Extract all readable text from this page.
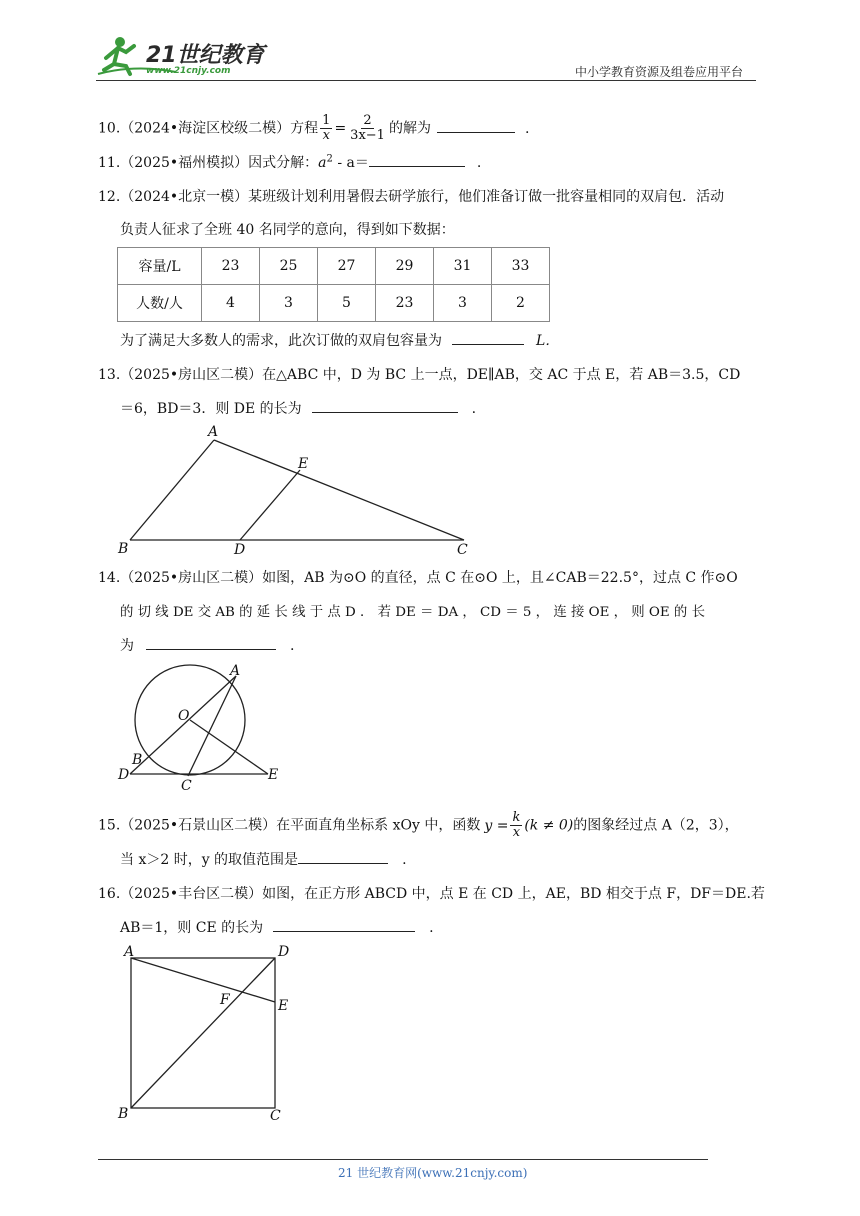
21世纪教育
www.21cnjy.com	中小学教育资源及组卷应用平台
10.（2024•海淀区校级二模）方程 $\frac{1}{x} = \frac{2}{3x-1}$ 的解为	.
11.（2025•福州模拟）因式分解：$a^2 - a=$	.
12.（2024•北京一模）某班级计划利用暑假去研学旅行，他们准备订做一批容量相同的双肩包．活动
负责人征求了全班 40 名同学的意向，得到如下数据：
容量/L	23	25	27	29	31	33
人数/人	4	3	5	23	3	2
为了满足大多数人的需求，此次订做的双肩包容量为	L．
13.（2025•房山区二模）在△ABC 中，D 为 BC 上一点，DE∥AB，交 AC 于点 E，若 AB＝3.5，CD
＝6，BD＝3．则 DE 的长为	.
A
B	D	C
E
14.（2025•房山区二模）如图，AB 为⊙O 的直径，点 C 在⊙O 上，且∠CAB＝22.5°，过点 C 作⊙O
的 切 线 DE 交 AB 的 延 长 线 于 点 D ． 若 DE ＝ DA ， CD ＝ 5 ， 连 接 OE ， 则 OE 的 长
为	.
A
O
B
D
C
E
15.（2025•石景山区二模）在平面直角坐标系 xOy 中，函数 $y = \frac{k}{x} (k \ne 0)$的图象经过点 A（2，3），
当 x＞2 时，y 的取值范围是	.
16.（2025•丰台区二模）如图，在正方形 ABCD 中，点 E 在 CD 上，AE，BD 相交于点 F，DF＝DE.若
AB＝1，则 CE 的长为	.
A	D
F	E
B	C
21 世纪教育网(www.21cnjy.com)
